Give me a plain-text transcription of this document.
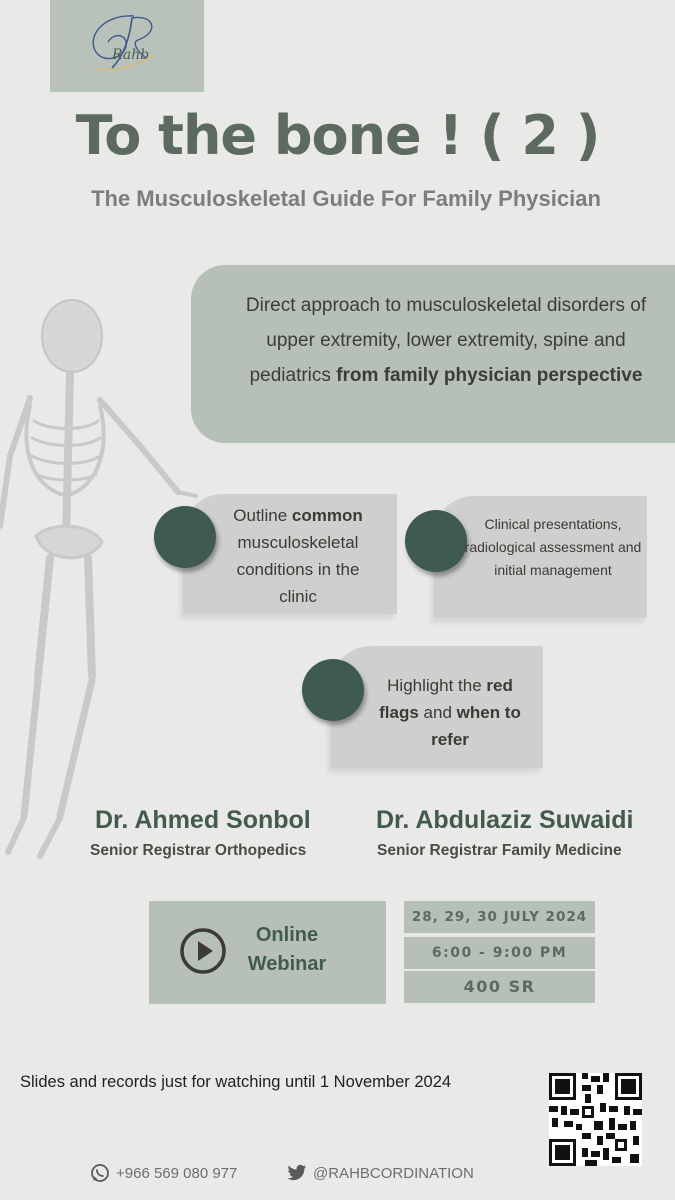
Rahb
To the bone ! ( 2 )
The Musculoskeletal Guide For Family Physician
Direct approach to musculoskeletal disorders of upper extremity, lower extremity, spine and pediatrics from family physician perspective
Outline common musculoskeletal conditions in the clinic
Clinical presentations, radiological assessment and initial management
Highlight the red flags and when to refer
Dr. Ahmed Sonbol
Senior Registrar Orthopedics
Dr. Abdulaziz Suwaidi
Senior Registrar Family Medicine
Online
Webinar
28, 29, 30 JULY 2024
6:00 - 9:00 PM
400 SR
Slides and records just for watching until 1 November 2024
+966 569 080 977	@RAHBCORDINATION
